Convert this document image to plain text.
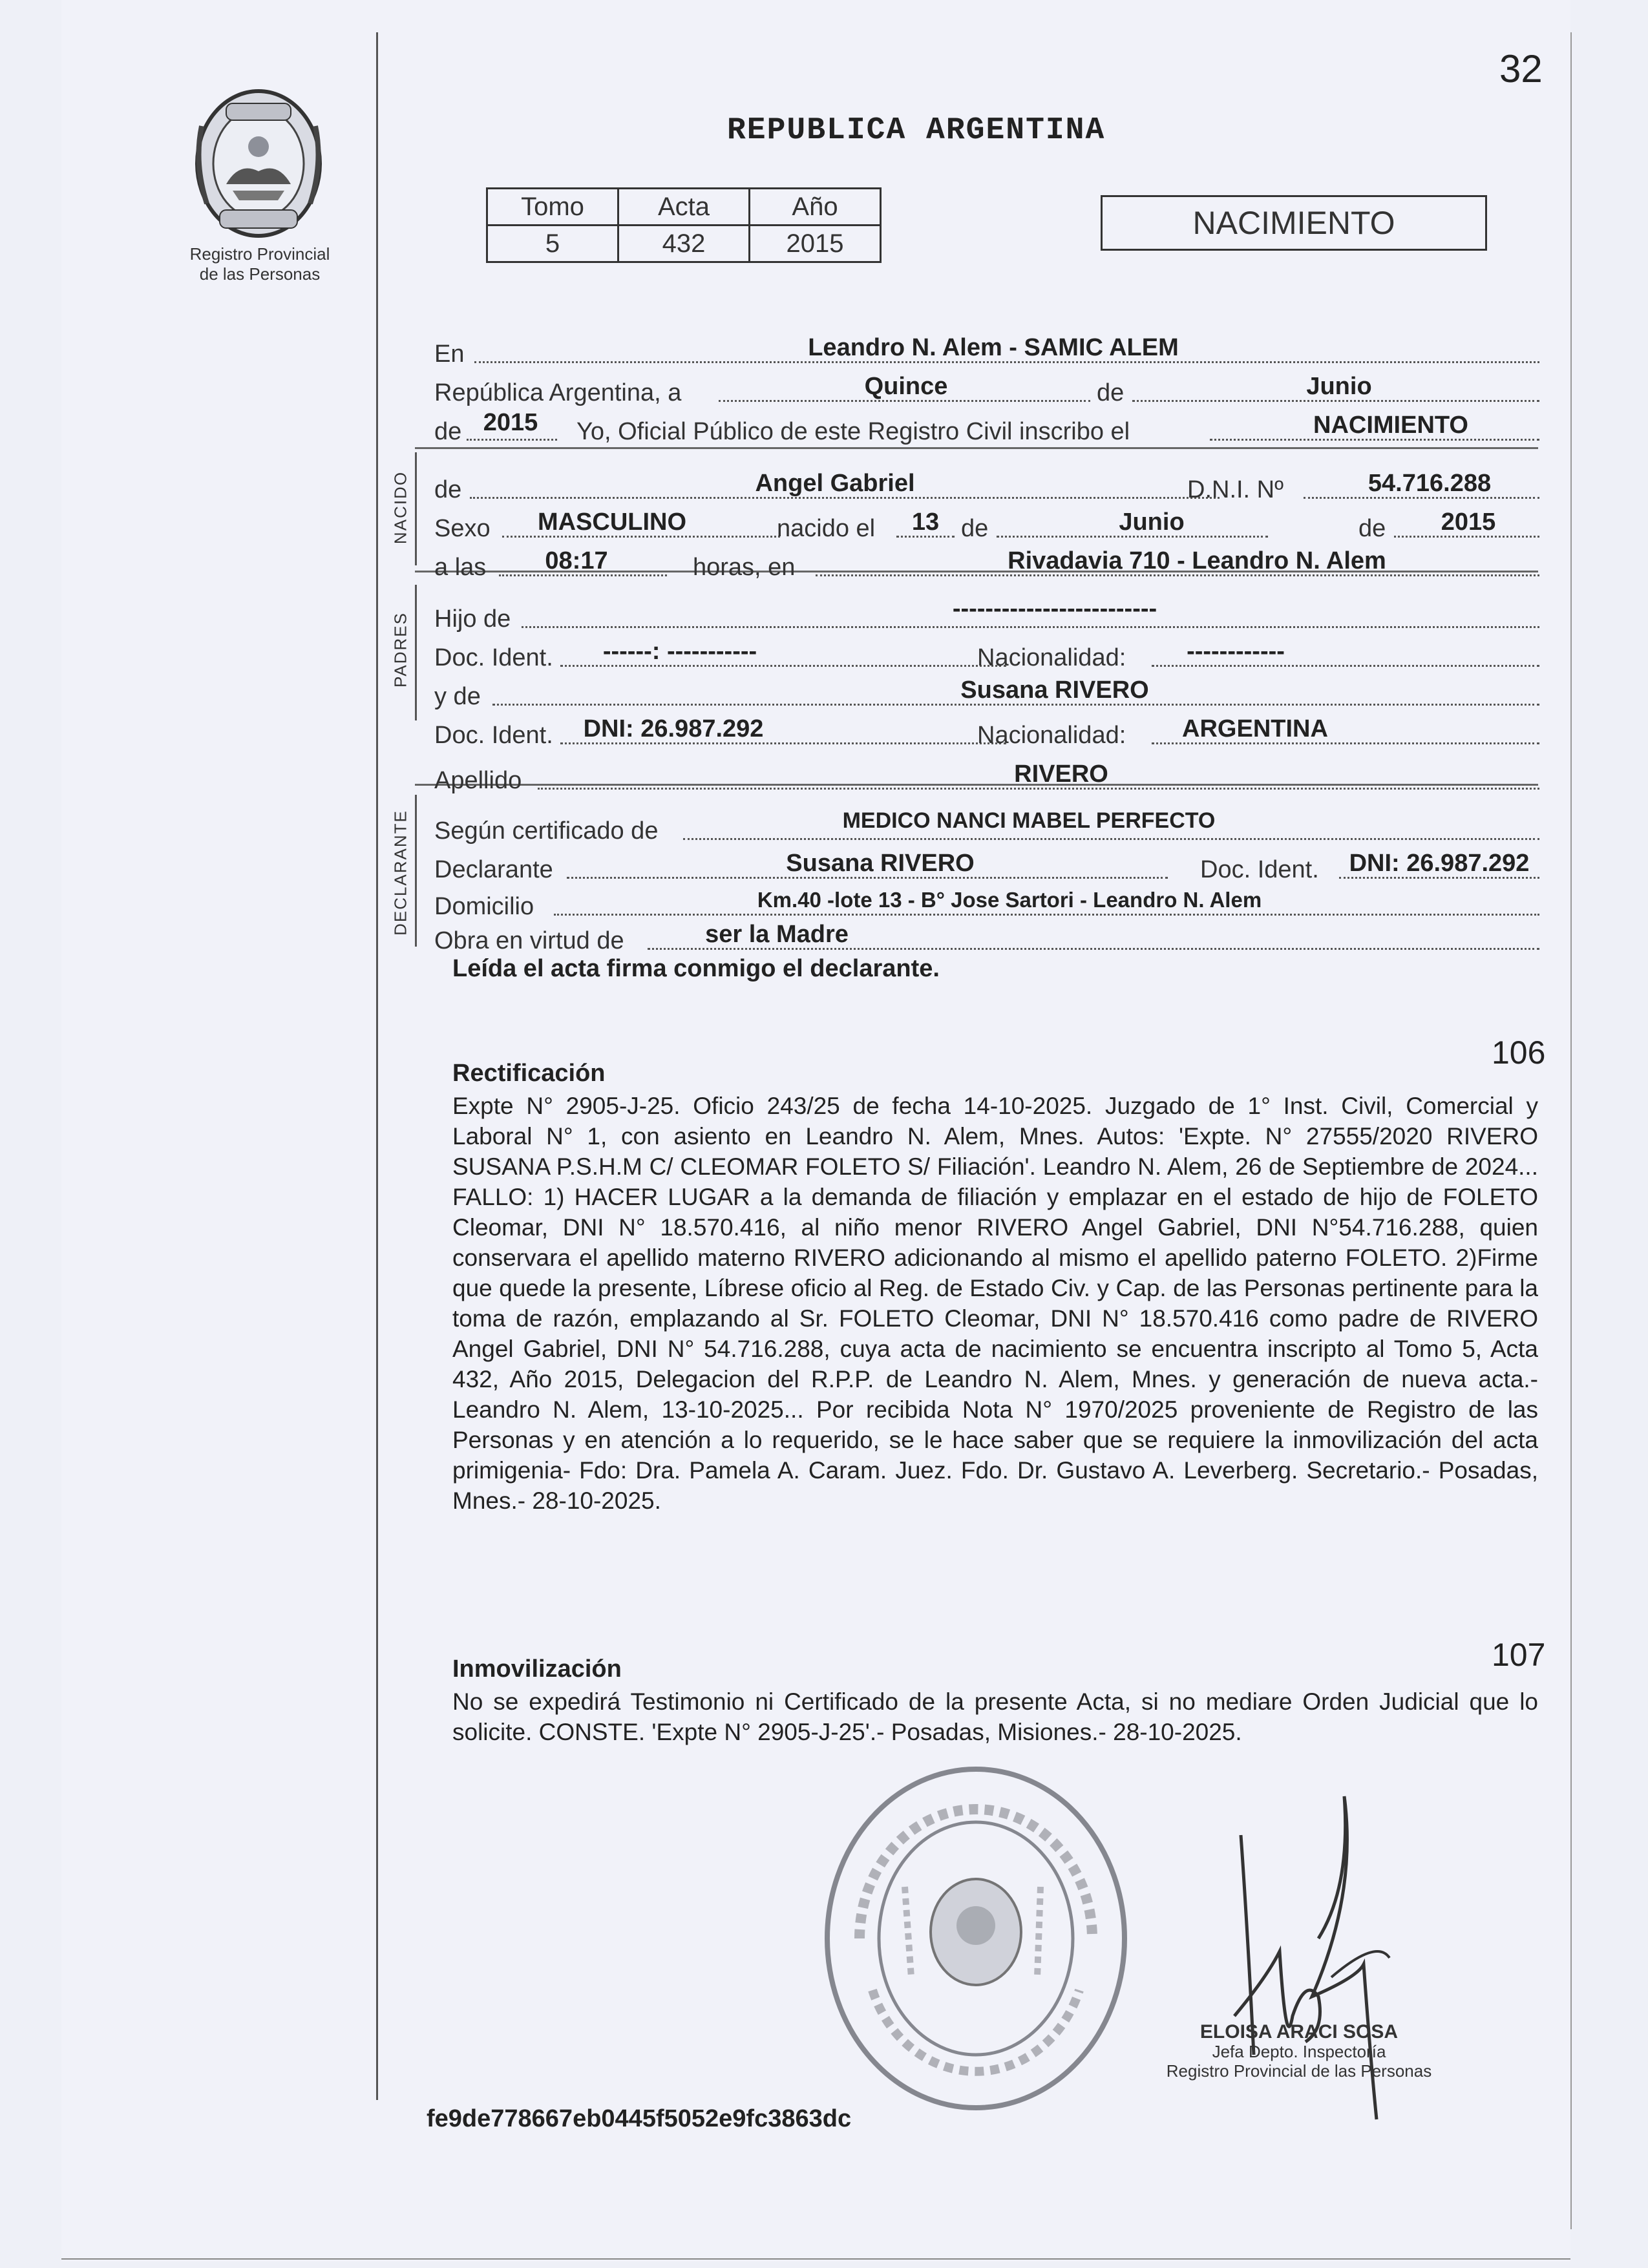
32
Registro Provincial
de las Personas
REPUBLICA ARGENTINA
Tomo	Acta	Año
5	432	2015
NACIMIENTO
En	Leandro N. Alem - SAMIC ALEM
República Argentina, a	Quince	de	Junio
de 2015	Yo, Oficial Público de este Registro Civil inscribo el	NACIMIENTO
NACIDO de	Angel Gabriel	D.N.I. Nº	54.716.288
Sexo	MASCULINO	nacido el	13 de	Junio	de	2015
a las	08:17	horas, en	Rivadavia 710 - Leandro N. Alem
PADRES Hijo de	-------------------------
Doc. Ident.	------: -----------	Nacionalidad:	------------
y de	Susana RIVERO
Doc. Ident.	DNI: 26.987.292	Nacionalidad:	ARGENTINA
Apellido	RIVERO
DECLARANTE Según certificado de	MEDICO NANCI MABEL PERFECTO
Declarante	Susana RIVERO	Doc. Ident.	DNI: 26.987.292
Domicilio	Km.40 -lote 13 - B° Jose Sartori - Leandro N. Alem
Obra en virtud de	ser la Madre
Leída el acta firma conmigo el declarante.
106
Rectificación
Expte N° 2905-J-25. Oficio 243/25 de fecha 14-10-2025. Juzgado de 1° Inst. Civil, Comercial y Laboral N° 1, con asiento en Leandro N. Alem, Mnes. Autos: 'Expte. N° 27555/2020 RIVERO SUSANA P.S.H.M C/ CLEOMAR FOLETO S/ Filiación'. Leandro N. Alem, 26 de Septiembre de 2024... FALLO: 1) HACER LUGAR a la demanda de filiación y emplazar en el estado de hijo de FOLETO Cleomar, DNI N° 18.570.416, al niño menor RIVERO Angel Gabriel, DNI N°54.716.288, quien conservara el apellido materno RIVERO adicionando al mismo el apellido paterno FOLETO. 2)Firme que quede la presente, Líbrese oficio al Reg. de Estado Civ. y Cap. de las Personas pertinente para la toma de razón, emplazando al Sr. FOLETO Cleomar, DNI N° 18.570.416 como padre de RIVERO Angel Gabriel, DNI N° 54.716.288, cuya acta de nacimiento se encuentra inscripto al Tomo 5, Acta 432, Año 2015, Delegacion del R.P.P. de Leandro N. Alem, Mnes. y generación de nueva acta.- Leandro N. Alem, 13-10-2025... Por recibida Nota N° 1970/2025 proveniente de Registro de las Personas y en atención a lo requerido, se le hace saber que se requiere la inmovilización del acta primigenia- Fdo: Dra. Pamela A. Caram. Juez. Fdo. Dr. Gustavo A. Leverberg. Secretario.- Posadas, Mnes.- 28-10-2025.
107
Inmovilización
No se expedirá Testimonio ni Certificado de la presente Acta, si no mediare Orden Judicial que lo solicite. CONSTE. 'Expte N° 2905-J-25'.- Posadas, Misiones.- 28-10-2025.
ELOISA ARACI SOSA
Jefa Depto. Inspectoría
Registro Provincial de las Personas
fe9de778667eb0445f5052e9fc3863dc
